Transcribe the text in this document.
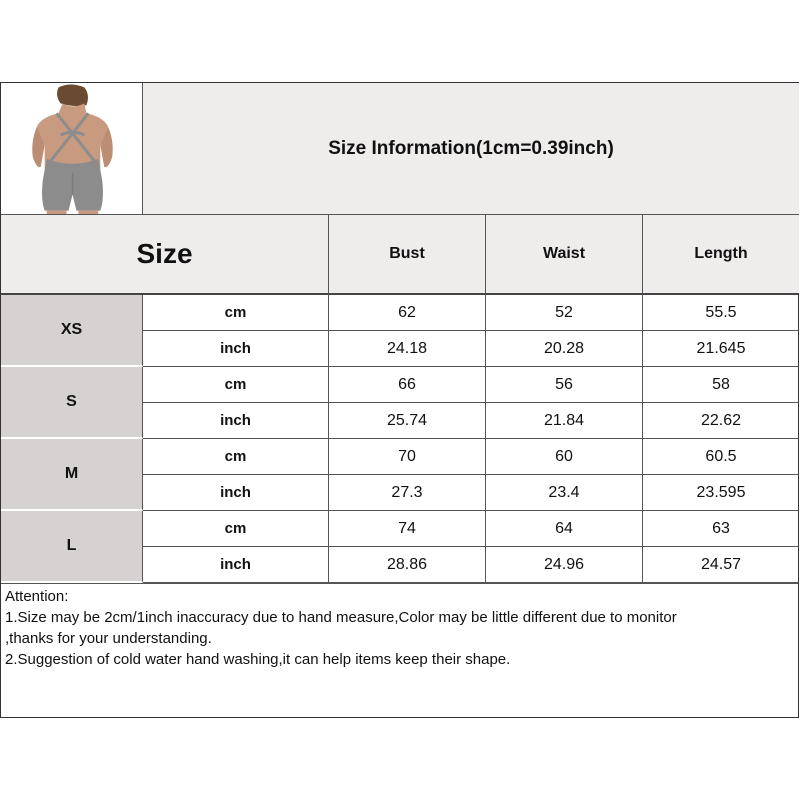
Size Information(1cm=0.39inch)
Size	Bust	Waist	Length
XS
cm	62	52	55.5
inch	24.18	20.28	21.645
S
cm	66	56	58
inch	25.74	21.84	22.62
M
cm	70	60	60.5
inch	27.3	23.4	23.595
L
cm	74	64	63
inch	28.86	24.96	24.57
Attention:
1.Size may be 2cm/1inch inaccuracy due to hand measure,Color may be little different due to monitor
,thanks for your understanding.
2.Suggestion of cold water hand washing,it can help items keep their shape.
